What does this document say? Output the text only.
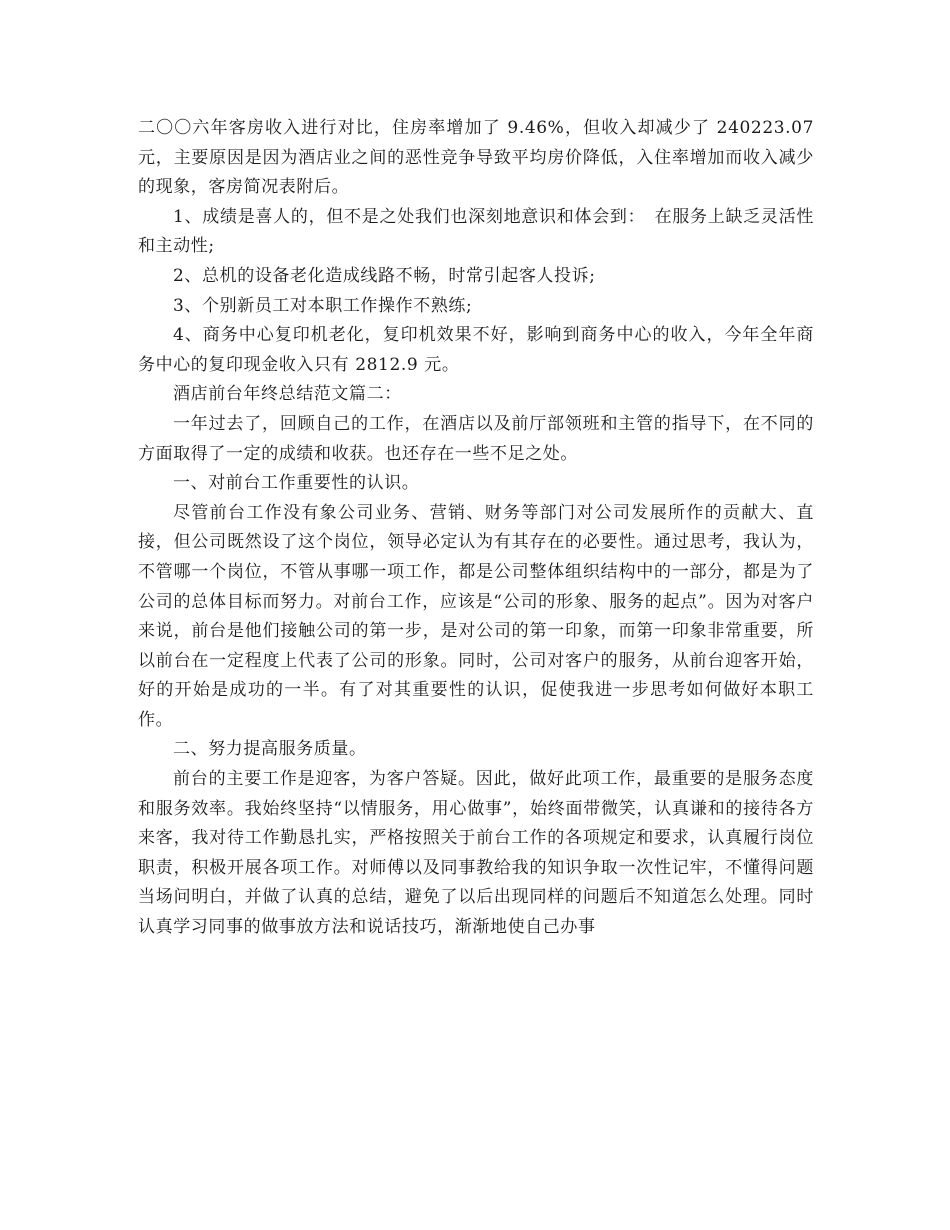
二〇〇六年客房收入进行对比，住房率增加了 9.46%，但收入却减少了 240223.07 元，主要原因是因为酒店业之间的恶性竞争导致平均房价降低，入住率增加而收入减少的现象，客房简况表附后。

1、成绩是喜人的，但不是之处我们也深刻地意识和体会到：　在服务上缺乏灵活性和主动性;

2、总机的设备老化造成线路不畅，时常引起客人投诉;

3、个别新员工对本职工作操作不熟练;

4、商务中心复印机老化，复印机效果不好，影响到商务中心的收入，今年全年商务中心的复印现金收入只有 2812.9 元。

酒店前台年终总结范文篇二：

一年过去了，回顾自己的工作，在酒店以及前厅部领班和主管的指导下，在不同的方面取得了一定的成绩和收获。也还存在一些不足之处。

一、对前台工作重要性的认识。

尽管前台工作没有象公司业务、营销、财务等部门对公司发展所作的贡献大、直接，但公司既然设了这个岗位，领导必定认为有其存在的必要性。通过思考，我认为，不管哪一个岗位，不管从事哪一项工作，都是公司整体组织结构中的一部分，都是为了公司的总体目标而努力。对前台工作，应该是“公司的形象、服务的起点”。因为对客户来说，前台是他们接触公司的第一步，是对公司的第一印象，而第一印象非常重要，所以前台在一定程度上代表了公司的形象。同时，公司对客户的服务，从前台迎客开始，好的开始是成功的一半。有了对其重要性的认识，促使我进一步思考如何做好本职工作。

二、努力提高服务质量。

前台的主要工作是迎客，为客户答疑。因此，做好此项工作，最重要的是服务态度和服务效率。我始终坚持“以情服务，用心做事”，始终面带微笑，认真谦和的接待各方来客，我对待工作勤恳扎实，严格按照关于前台工作的各项规定和要求，认真履行岗位职责，积极开展各项工作。对师傅以及同事教给我的知识争取一次性记牢，不懂得问题当场问明白，并做了认真的总结，避免了以后出现同样的问题后不知道怎么处理。同时认真学习同事的做事放方法和说话技巧，渐渐地使自己办事
